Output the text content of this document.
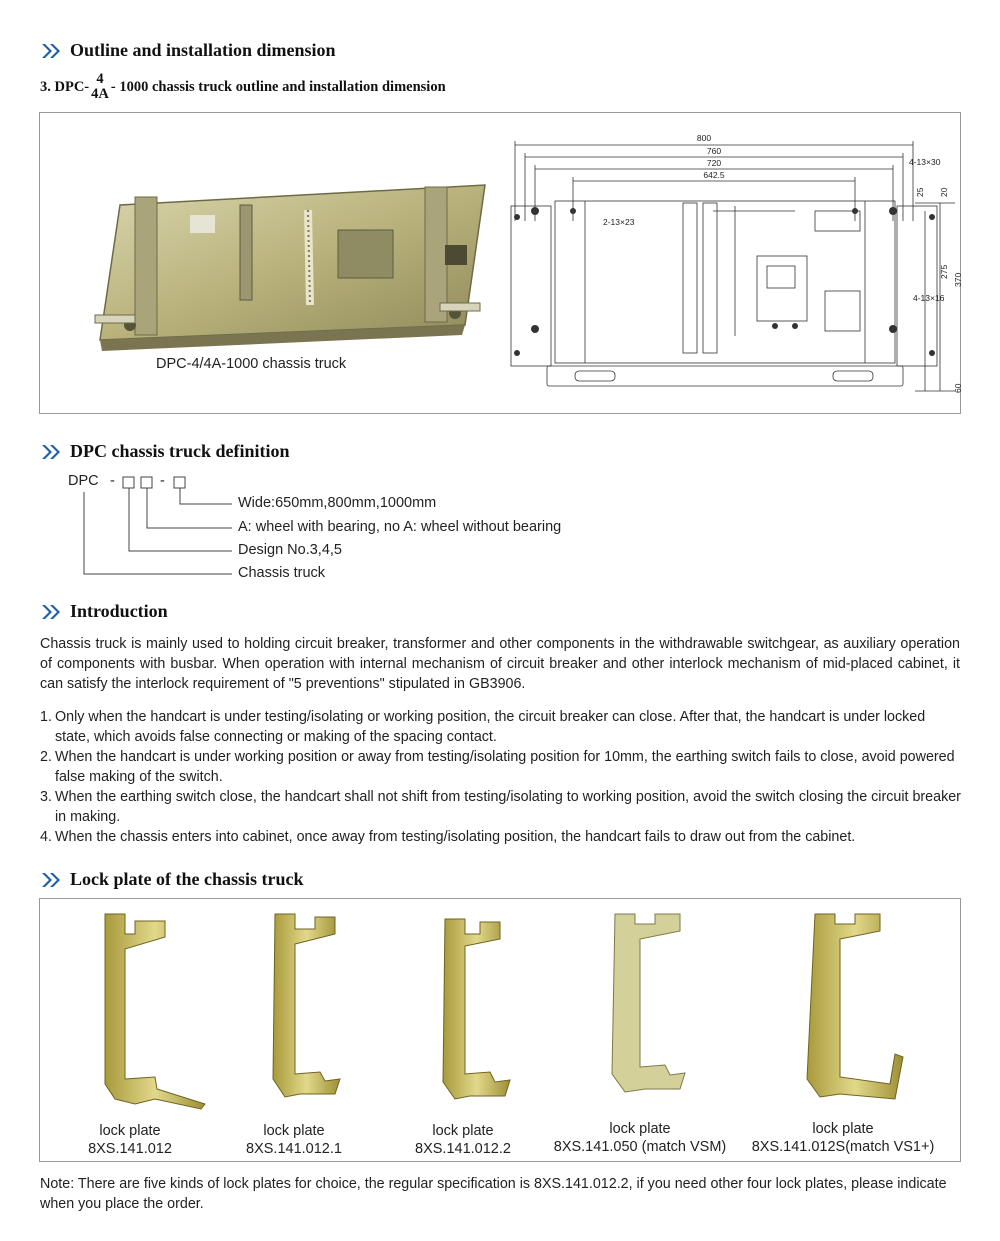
Outline and installation dimension
3. DPC- 4
4A - 1000 chassis truck outline and installation dimension
DPC-4/4A-1000 chassis truck
800
760
720
642.5
4-13×30
2-13×23
4-13×16
25 20
275
370
60
DPC chassis truck definition
DPC -	-
Wide:650mm,800mm,1000mm
A: wheel with bearing, no A: wheel without bearing
Design No.3,4,5
Chassis truck
Introduction
Chassis truck is mainly used to holding circuit breaker, transformer and other components in the withdrawable switchgear, as auxiliary operation of components with busbar. When operation with internal mechanism of circuit breaker and other interlock mechanism of mid-placed cabinet, it can satisfy the interlock requirement of "5 preventions" stipulated in GB3906.
1. Only when the handcart is under testing/isolating or working position, the circuit breaker can close. After that, the handcart is under locked state, which avoids false connecting or making of the spacing contact.
2. When the handcart is under working position or away from testing/isolating position for 10mm, the earthing switch fails to close, avoid powered false making of the switch.
3. When the earthing switch close, the handcart shall not shift from testing/isolating to working position, avoid the switch closing the circuit breaker in making.
4. When the chassis enters into cabinet, once away from testing/isolating position, the handcart fails to draw out from the cabinet.
Lock plate of the chassis truck
lock plate
8XS.141.012
lock plate
8XS.141.012.1
lock plate
8XS.141.012.2
lock plate
8XS.141.050 (match VSM)
lock plate
8XS.141.012S(match VS1+)
Note: There are five kinds of lock plates for choice, the regular specification is 8XS.141.012.2, if you need other four lock plates, please indicate when you place the order.
